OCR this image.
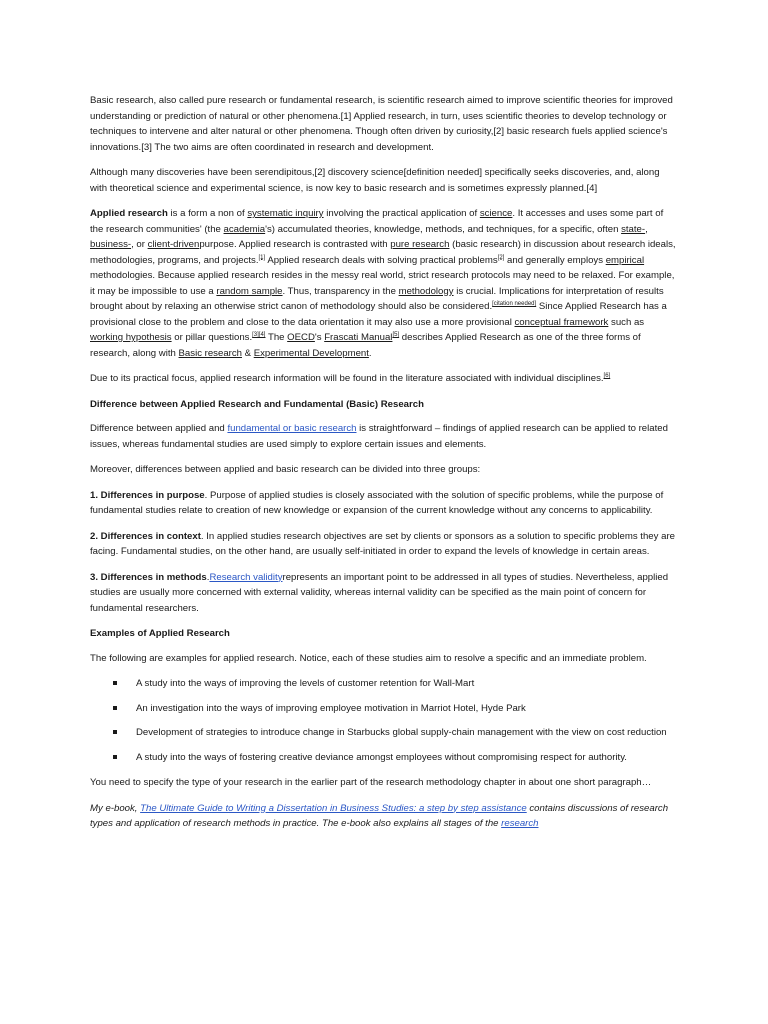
Basic research, also called pure research or fundamental research, is scientific research aimed to improve scientific theories for improved understanding or prediction of natural or other phenomena.[1] Applied research, in turn, uses scientific theories to develop technology or techniques to intervene and alter natural or other phenomena. Though often driven by curiosity,[2] basic research fuels applied science's innovations.[3] The two aims are often coordinated in research and development.

Although many discoveries have been serendipitous,[2] discovery science[definition needed] specifically seeks discoveries, and, along with theoretical science and experimental science, is now key to basic research and is sometimes expressly planned.[4]

Applied research is a form a non of systematic inquiry involving the practical application of science. It accesses and uses some part of the research communities' (the academia's) accumulated theories, knowledge, methods, and techniques, for a specific, often state-, business-, or client-drivenpurpose. Applied research is contrasted with pure research (basic research) in discussion about research ideals, methodologies, programs, and projects.[1] Applied research deals with solving practical problems[2] and generally employs empirical methodologies. Because applied research resides in the messy real world, strict research protocols may need to be relaxed. For example, it may be impossible to use a random sample. Thus, transparency in the methodology is crucial. Implications for interpretation of results brought about by relaxing an otherwise strict canon of methodology should also be considered.[citation needed] Since Applied Research has a provisional close to the problem and close to the data orientation it may also use a more provisional conceptual framework such as working hypothesis or pillar questions.[3][4] The OECD's Frascati Manual[5] describes Applied Research as one of the three forms of research, along with Basic research & Experimental Development.

Due to its practical focus, applied research information will be found in the literature associated with individual disciplines.[6]

Difference between Applied Research and Fundamental (Basic) Research

Difference between applied and fundamental or basic research is straightforward – findings of applied research can be applied to related issues, whereas fundamental studies are used simply to explore certain issues and elements.

Moreover, differences between applied and basic research can be divided into three groups:

1. Differences in purpose. Purpose of applied studies is closely associated with the solution of specific problems, while the purpose of fundamental studies relate to creation of new knowledge or expansion of the current knowledge without any concerns to applicability.

2. Differences in context. In applied studies research objectives are set by clients or sponsors as a solution to specific problems they are facing. Fundamental studies, on the other hand, are usually self-initiated in order to expand the levels of knowledge in certain areas.

3. Differences in methods.Research validityrepresents an important point to be addressed in all types of studies. Nevertheless, applied studies are usually more concerned with external validity, whereas internal validity can be specified as the main point of concern for fundamental researchers.

Examples of Applied Research

The following are examples for applied research. Notice, each of these studies aim to resolve a specific and an immediate problem.

A study into the ways of improving the levels of customer retention for Wall-Mart
An investigation into the ways of improving employee motivation in Marriot Hotel, Hyde Park
Development of strategies to introduce change in Starbucks global supply-chain management with the view on cost reduction
A study into the ways of fostering creative deviance amongst employees without compromising respect for authority.

You need to specify the type of your research in the earlier part of the research methodology chapter in about one short paragraph…

My e-book, The Ultimate Guide to Writing a Dissertation in Business Studies: a step by step assistance contains discussions of research types and application of research methods in practice. The e-book also explains all stages of the research
